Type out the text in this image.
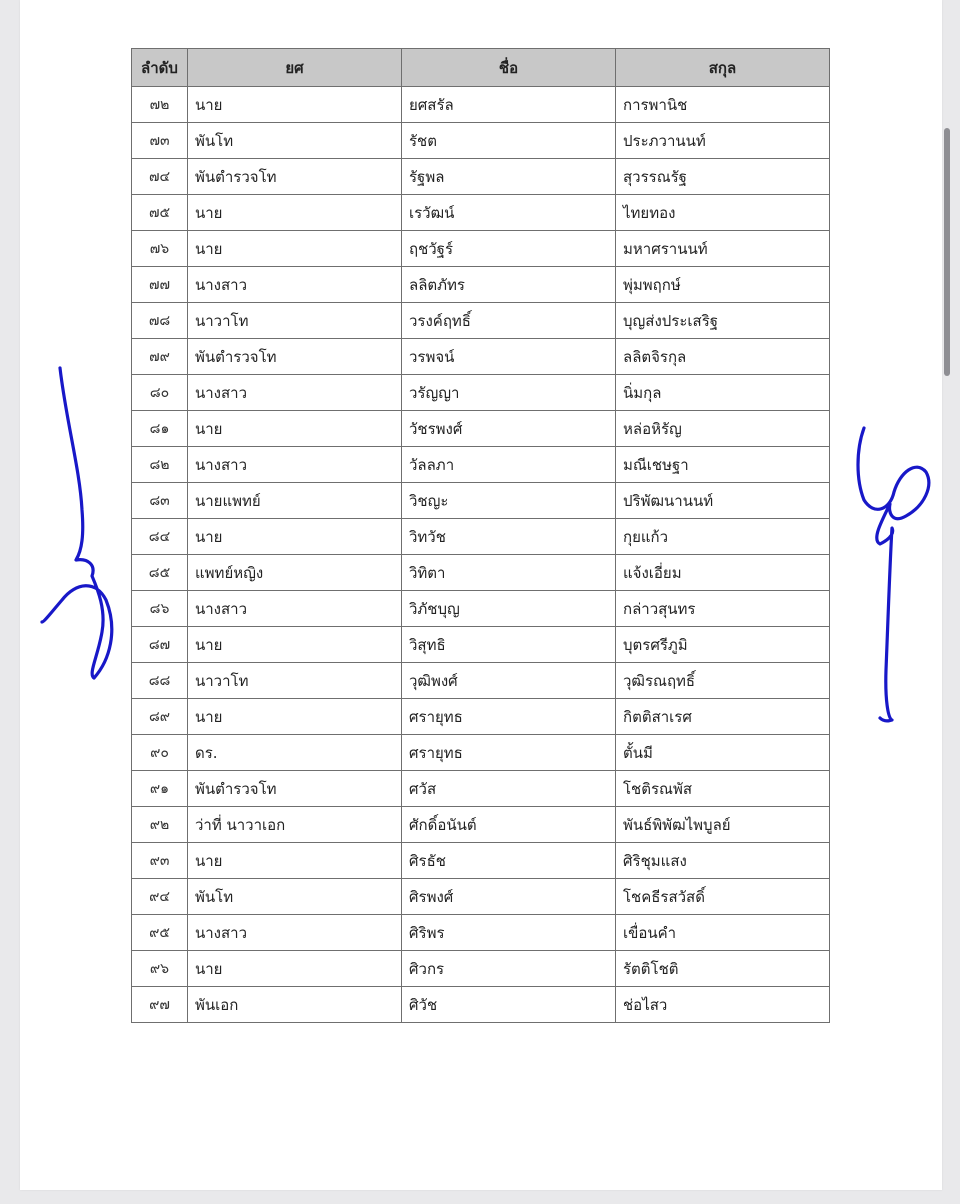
ลำดับ	ยศ	ชื่อ	สกุล
๗๒	นาย	ยศสรัล	การพานิช
๗๓	พันโท	รัชต	ประภวานนท์
๗๔	พันตำรวจโท	รัฐพล	สุวรรณรัฐ
๗๕	นาย	เรวัฒน์	ไทยทอง
๗๖	นาย	ฤชวัฐร์	มหาศรานนท์
๗๗	นางสาว	ลลิตภัทร	พุ่มพฤกษ์
๗๘	นาวาโท	วรงค์ฤทธิ์	บุญส่งประเสริฐ
๗๙	พันตำรวจโท	วรพจน์	ลลิตจิรกุล
๘๐	นางสาว	วรัญญา	นิ่มกุล
๘๑	นาย	วัชรพงศ์	หล่อหิรัญ
๘๒	นางสาว	วัลลภา	มณีเชษฐา
๘๓	นายแพทย์	วิชญะ	ปริพัฒนานนท์
๘๔	นาย	วิทวัช	กุยแก้ว
๘๕	แพทย์หญิง	วิทิตา	แจ้งเอี่ยม
๘๖	นางสาว	วิภัชบุญ	กล่าวสุนทร
๘๗	นาย	วิสุทธิ	บุตรศรีภูมิ
๘๘	นาวาโท	วุฒิพงศ์	วุฒิรณฤทธิ์
๘๙	นาย	ศรายุทธ	กิตติสาเรศ
๙๐	ดร.	ศรายุทธ	ตั้นมี
๙๑	พันตำรวจโท	ศวัส	โชติรณพัส
๙๒	ว่าที่ นาวาเอก	ศักดิ์อนันต์	พันธ์พิพัฒไพบูลย์
๙๓	นาย	ศิรธัช	ศิริชุมแสง
๙๔	พันโท	ศิรพงศ์	โชคธีรสวัสดิ์
๙๕	นางสาว	ศิริพร	เขื่อนคำ
๙๖	นาย	ศิวกร	รัตติโชติ
๙๗	พันเอก	ศิวัช	ช่อไสว
